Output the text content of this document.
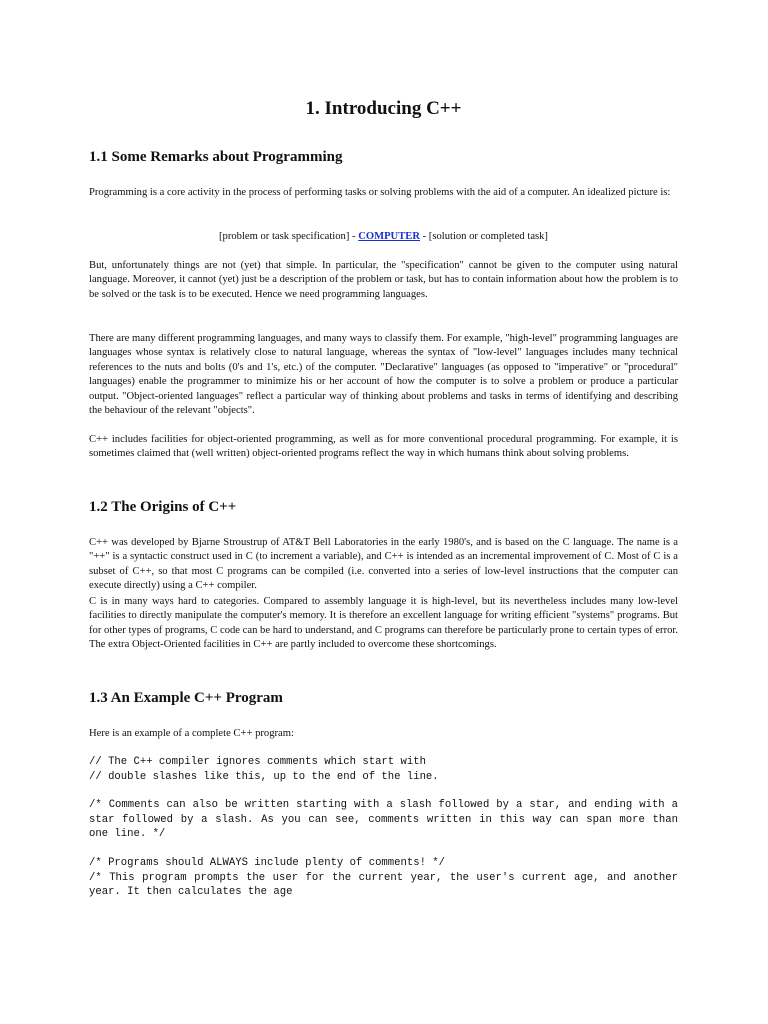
1. Introducing C++
1.1 Some Remarks about Programming

Programming is a core activity in the process of performing tasks or solving problems with the aid of a computer. An idealized picture is:

[problem or task specification] - COMPUTER - [solution or completed task]

But, unfortunately things are not (yet) that simple. In particular, the "specification" cannot be given to the computer using natural language. Moreover, it cannot (yet) just be a description of the problem or task, but has to contain information about how the problem is to be solved or the task is to be executed. Hence we need programming languages.

There are many different programming languages, and many ways to classify them. For example, "high-level" programming languages are languages whose syntax is relatively close to natural language, whereas the syntax of "low-level" languages includes many technical references to the nuts and bolts (0's and 1's, etc.) of the computer. "Declarative" languages (as opposed to "imperative" or "procedural" languages) enable the programmer to minimize his or her account of how the computer is to solve a problem or produce a particular output. "Object-oriented languages" reflect a particular way of thinking about problems and tasks in terms of identifying and describing the behaviour of the relevant "objects".

C++ includes facilities for object-oriented programming, as well as for more conventional procedural programming. For example, it is sometimes claimed that (well written) object-oriented programs reflect the way in which humans think about solving problems.

1.2 The Origins of C++

C++ was developed by Bjarne Stroustrup of AT&T Bell Laboratories in the early 1980's, and is based on the C language. The name is a "++" is a syntactic construct used in C (to increment a variable), and C++ is intended as an incremental improvement of C. Most of C is a subset of C++, so that most C programs can be compiled (i.e. converted into a series of low-level instructions that the computer can execute directly) using a C++ compiler.

C is in many ways hard to categories. Compared to assembly language it is high-level, but its nevertheless includes many low-level facilities to directly manipulate the computer's memory. It is therefore an excellent language for writing efficient "systems" programs. But for other types of programs, C code can be hard to understand, and C programs can therefore be particularly prone to certain types of error. The extra Object-Oriented facilities in C++ are partly included to overcome these shortcomings.

1.3 An Example C++ Program

Here is an example of a complete C++ program:

// The C++ compiler ignores comments which start with
// double slashes like this, up to the end of the line.
/* Comments can also be written starting with a slash followed by a star, and ending with a star followed by a slash. As you can see, comments written in this way can span more than one line. */
/* Programs should ALWAYS include plenty of comments! */
/* This program prompts the user for the current year, the user's current age, and another year. It then calculates the age
